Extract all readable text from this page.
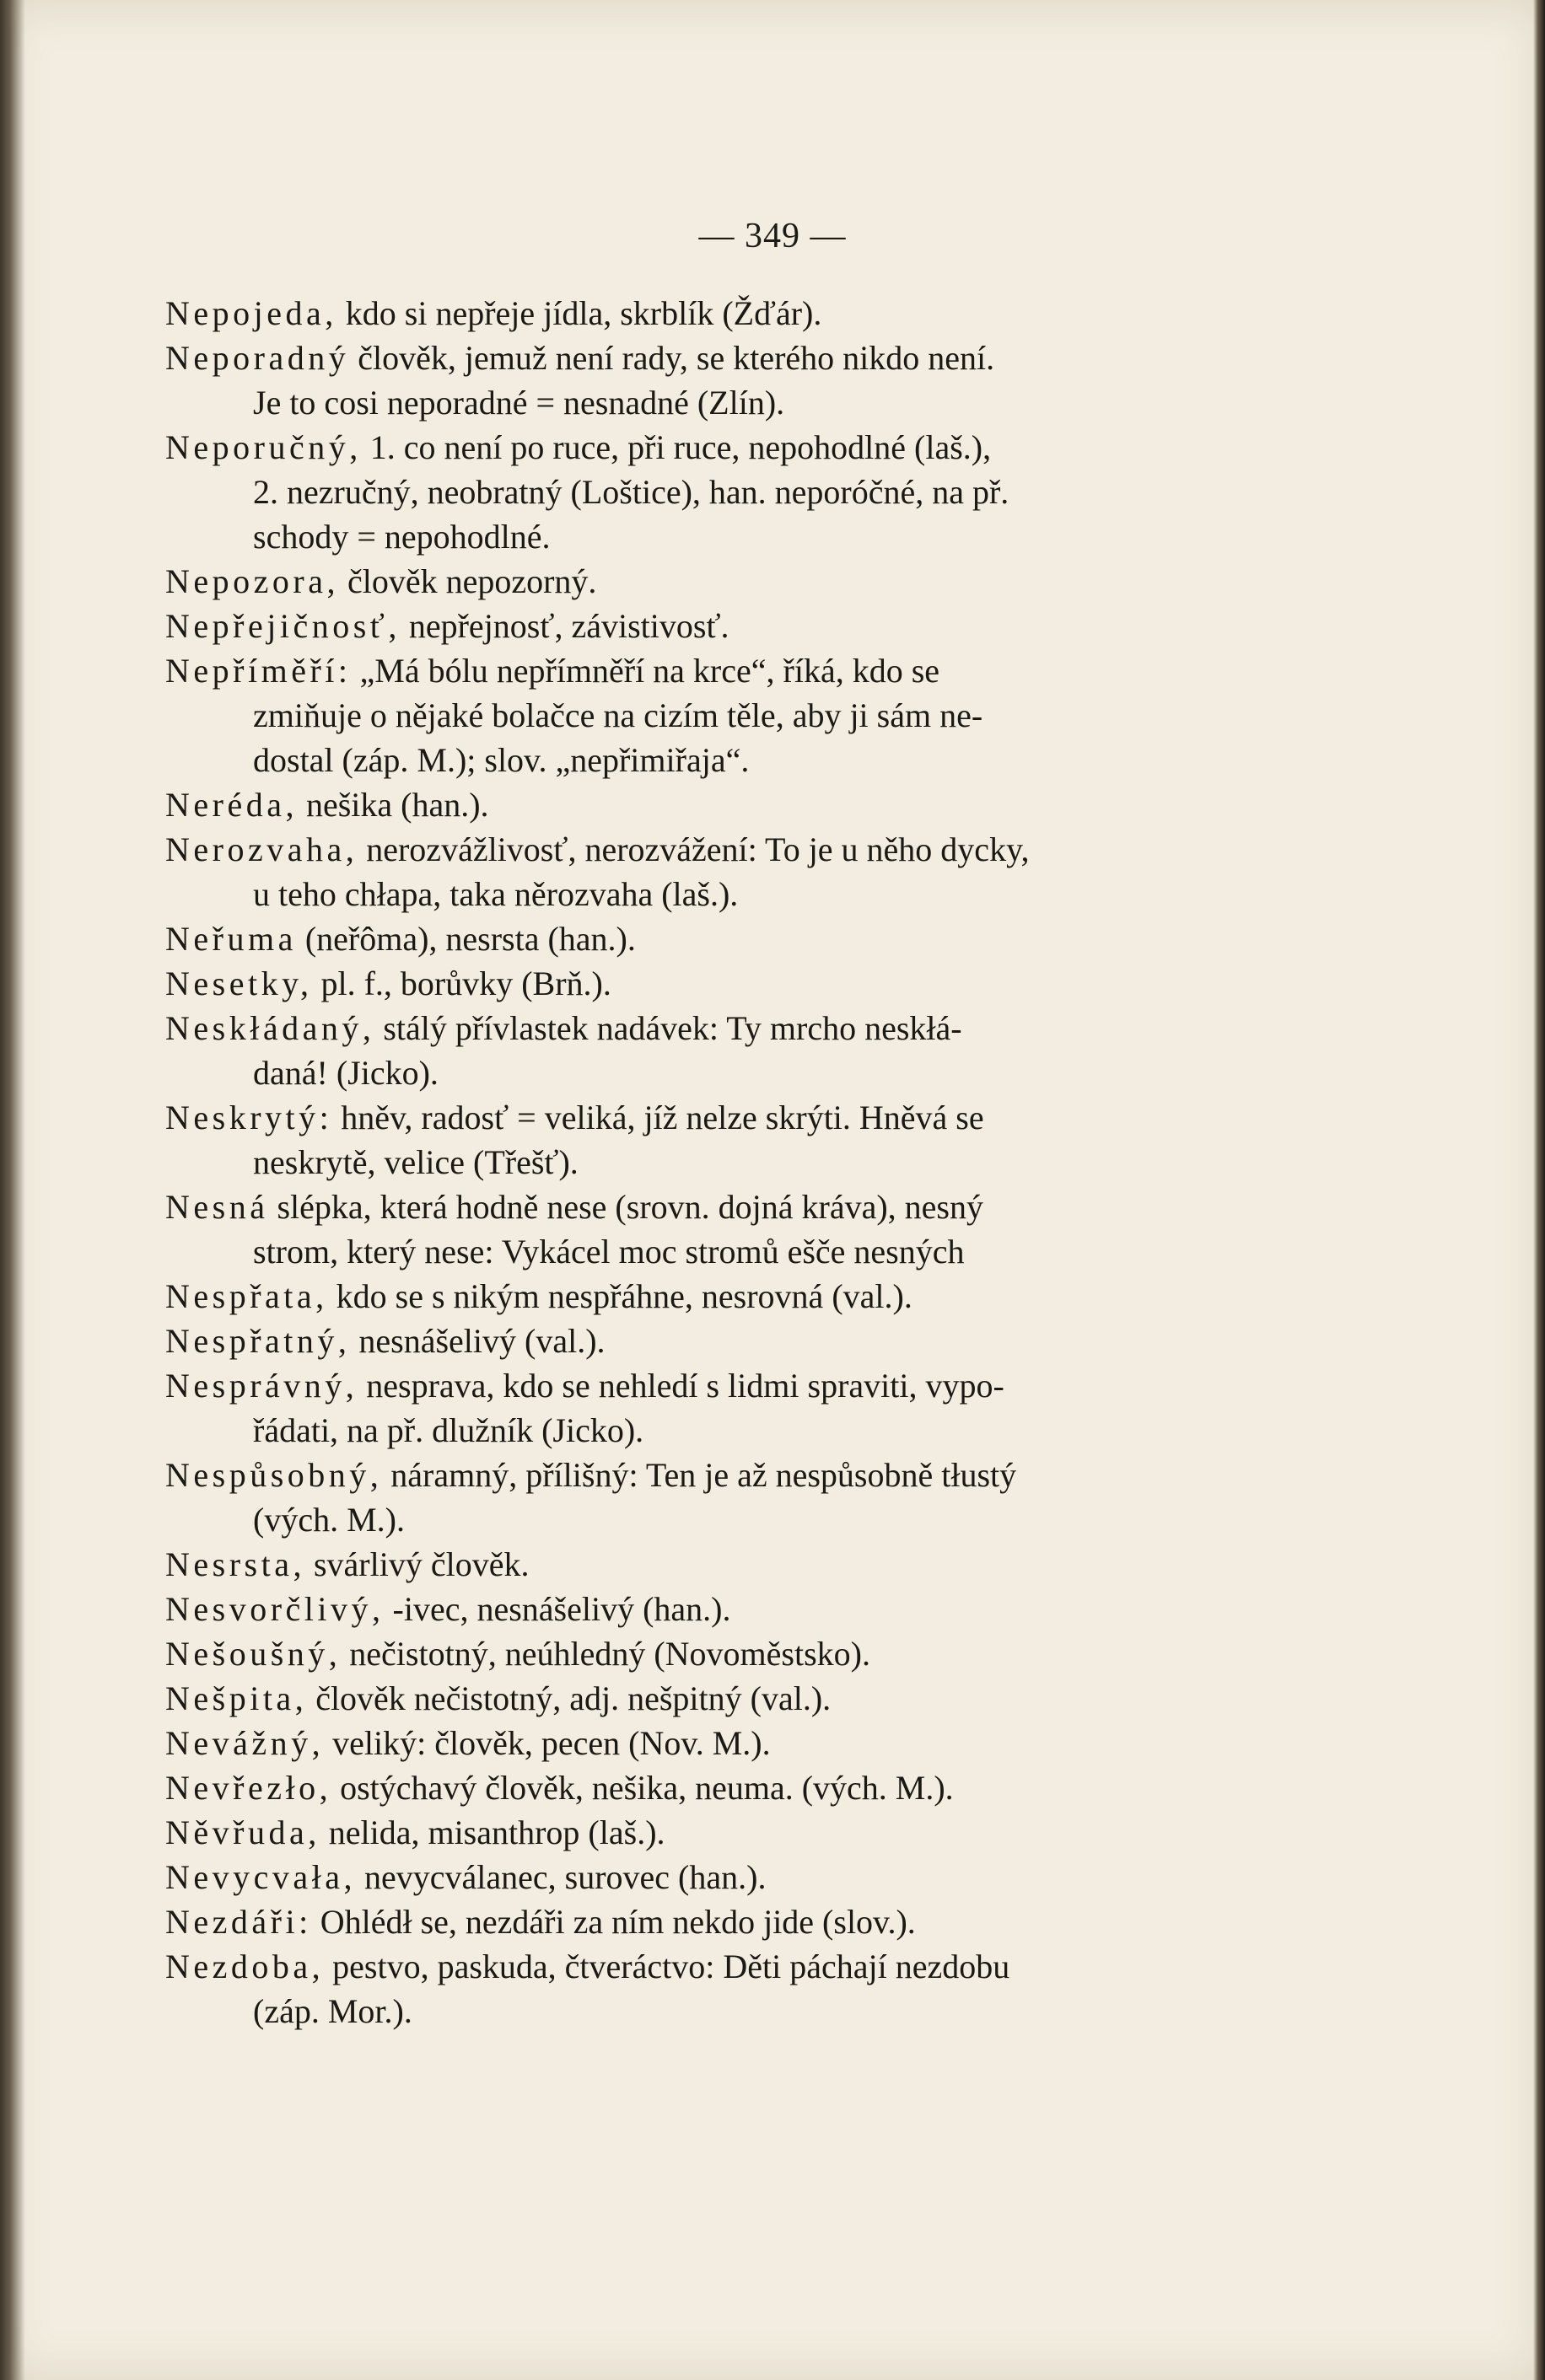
— 349 —
Nepojeda, kdo si nepřeje jídla, skrblík (Žďár).
Neporadný člověk, jemuž není rady, se kterého nikdo není.
Je to cosi neporadné = nesnadné (Zlín).
Neporučný, 1. co není po ruce, při ruce, nepohodlné (laš.),
2. nezručný, neobratný (Loštice), han. neporóčné, na př.
schody = nepohodlné.
Nepozora, člověk nepozorný.
Nepřejičnosť, nepřejnosť, závistivosť.
Nepříměří: „Má bólu nepřímněří na krce“, říká, kdo se
zmiňuje o nějaké bolačce na cizím těle, aby ji sám ne-
dostal (záp. M.); slov. „nepřimiřaja“.
Neréda, nešika (han.).
Nerozvaha, nerozvážlivosť, nerozvážení: To je u něho dycky,
u teho chłapa, taka něrozvaha (laš.).
Neřuma (neřôma), nesrsta (han.).
Nesetky, pl. f., borůvky (Brň.).
Neskłádaný, stálý přívlastek nadávek: Ty mrcho neskłá-
daná! (Jicko).
Neskrytý: hněv, radosť = veliká, jíž nelze skrýti. Hněvá se
neskrytě, velice (Třešť).
Nesná slépka, která hodně nese (srovn. dojná kráva), nesný
strom, který nese: Vykácel moc stromů ešče nesných
Nespřata, kdo se s nikým nespřáhne, nesrovná (val.).
Nespřatný, nesnášelivý (val.).
Nesprávný, nesprava, kdo se nehledí s lidmi spraviti, vypo-
řádati, na př. dlužník (Jicko).
Nespůsobný, náramný, přílišný: Ten je až nespůsobně tłustý
(vých. M.).
Nesrsta, svárlivý člověk.
Nesvorčlivý, -ivec, nesnášelivý (han.).
Nešoušný, nečistotný, neúhledný (Novoměstsko).
Nešpita, člověk nečistotný, adj. nešpitný (val.).
Nevážný, veliký: člověk, pecen (Nov. M.).
Nevřezło, ostýchavý člověk, nešika, neuma. (vých. M.).
Něvřuda, nelida, misanthrop (laš.).
Nevycvała, nevycválanec, surovec (han.).
Nezdáři: Ohlédł se, nezdáři za ním nekdo jide (slov.).
Nezdoba, pestvo, paskuda, čtveráctvo: Děti páchají nezdobu
(záp. Mor.).
